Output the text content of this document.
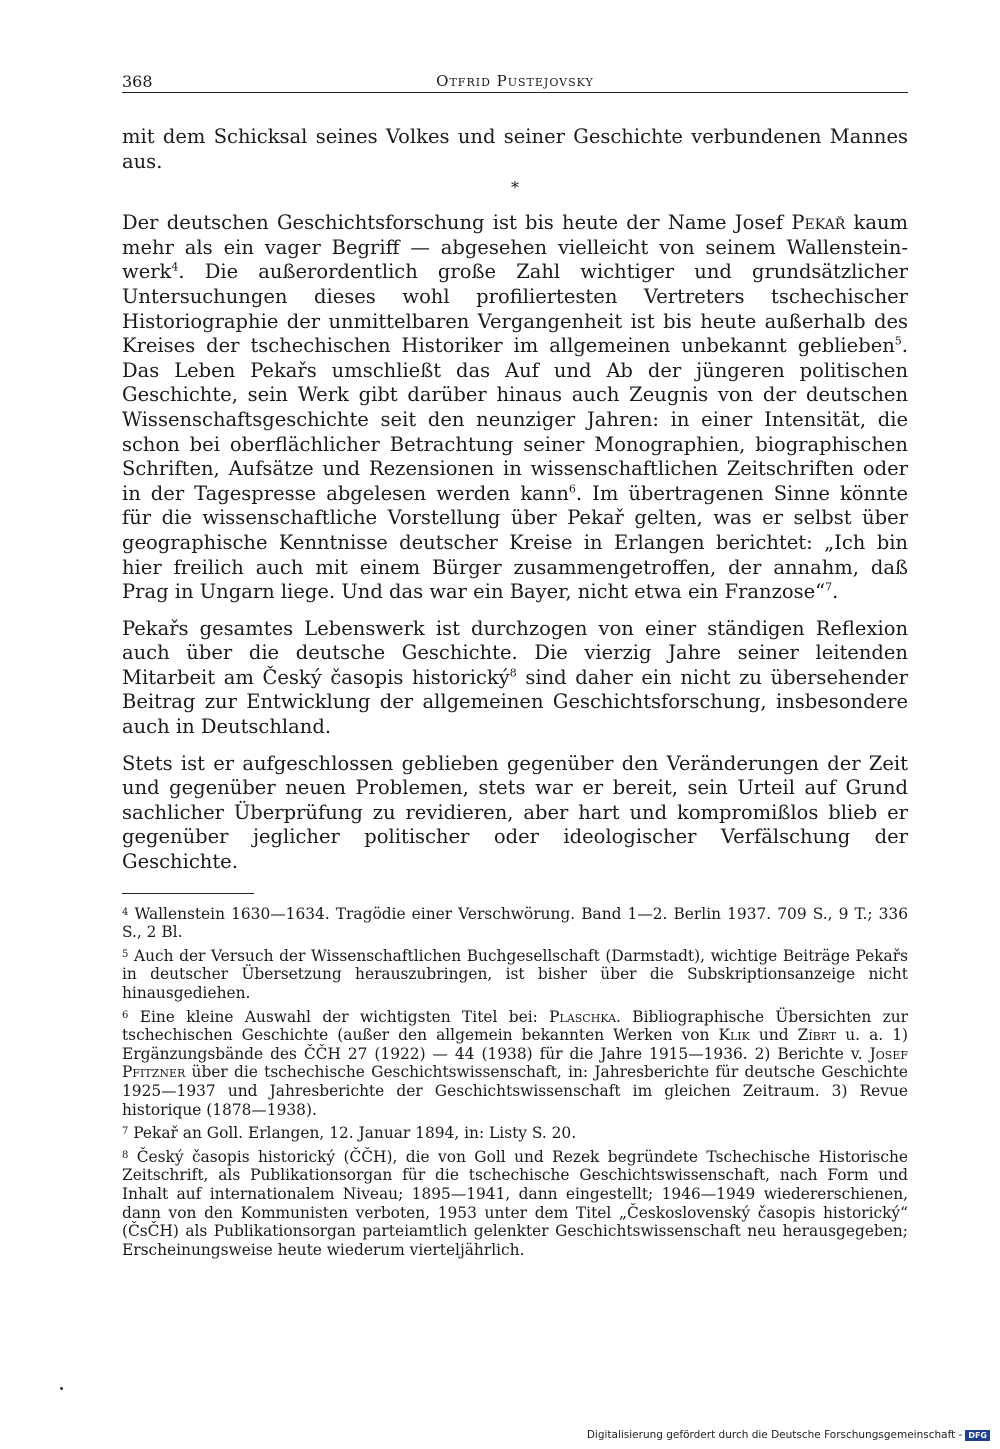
368	Otfrid Pustejovsky

mit dem Schicksal seines Volkes und seiner Geschichte verbundenen Mannes aus.

*

Der deutschen Geschichtsforschung ist bis heute der Name Josef Pekař kaum mehr als ein vager Begriff — abgesehen vielleicht von seinem Wallenstein-werk$^4$. Die außerordentlich große Zahl wichtiger und grundsätzlicher Untersuchungen dieses wohl profiliertesten Vertreters tschechischer Historiographie der unmittelbaren Vergangenheit ist bis heute außerhalb des Kreises der tschechischen Historiker im allgemeinen unbekannt geblieben$^5$. Das Leben Pekařs umschließt das Auf und Ab der jüngeren politischen Geschichte, sein Werk gibt darüber hinaus auch Zeugnis von der deutschen Wissenschaftsgeschichte seit den neunziger Jahren: in einer Intensität, die schon bei oberflächlicher Betrachtung seiner Monographien, biographischen Schriften, Aufsätze und Rezensionen in wissenschaftlichen Zeitschriften oder in der Tagespresse abgelesen werden kann$^6$. Im übertragenen Sinne könnte für die wissenschaftliche Vorstellung über Pekař gelten, was er selbst über geographische Kenntnisse deutscher Kreise in Erlangen berichtet: „Ich bin hier freilich auch mit einem Bürger zusammengetroffen, der annahm, daß Prag in Ungarn liege. Und das war ein Bayer, nicht etwa ein Franzose“$^7$.

Pekařs gesamtes Lebenswerk ist durchzogen von einer ständigen Reflexion auch über die deutsche Geschichte. Die vierzig Jahre seiner leitenden Mitarbeit am Český časopis historický$^8$ sind daher ein nicht zu übersehender Beitrag zur Entwicklung der allgemeinen Geschichtsforschung, insbesondere auch in Deutschland.

Stets ist er aufgeschlossen geblieben gegenüber den Veränderungen der Zeit und gegenüber neuen Problemen, stets war er bereit, sein Urteil auf Grund sachlicher Überprüfung zu revidieren, aber hart und kompromißlos blieb er gegenüber jeglicher politischer oder ideologischer Verfälschung der Geschichte.

$^4$ Wallenstein 1630—1634. Tragödie einer Verschwörung. Band 1—2. Berlin 1937. 709 S., 9 T.; 336 S., 2 Bl.

$^5$ Auch der Versuch der Wissenschaftlichen Buchgesellschaft (Darmstadt), wichtige Beiträge Pekařs in deutscher Übersetzung herauszubringen, ist bisher über die Subskriptionsanzeige nicht hinausgediehen.

$^6$ Eine kleine Auswahl der wichtigsten Titel bei: Plaschka. Bibliographische Übersichten zur tschechischen Geschichte (außer den allgemein bekannten Werken von Klik und Zíbrt u. a. 1) Ergänzungsbände des ČČH 27 (1922) — 44 (1938) für die Jahre 1915—1936. 2) Berichte v. Josef Pfitzner über die tschechische Geschichtswissenschaft, in: Jahresberichte für deutsche Geschichte 1925—1937 und Jahresberichte der Geschichtswissenschaft im gleichen Zeitraum. 3) Revue historique (1878—1938).

$^7$ Pekař an Goll. Erlangen, 12. Januar 1894, in: Listy S. 20.

$^8$ Český časopis historický (ČČH), die von Goll und Rezek begründete Tschechische Historische Zeitschrift, als Publikationsorgan für die tschechische Geschichtswissenschaft, nach Form und Inhalt auf internationalem Niveau; 1895—1941, dann eingestellt; 1946—1949 wiedererschienen, dann von den Kommunisten verboten, 1953 unter dem Titel „Československý časopis historický“ (ČsČH) als Publikationsorgan parteiamtlich gelenkter Geschichtswissenschaft neu herausgegeben; Erscheinungsweise heute wiederum vierteljährlich.

Digitalisierung gefördert durch die Deutsche Forschungsgemeinschaft - DFG
